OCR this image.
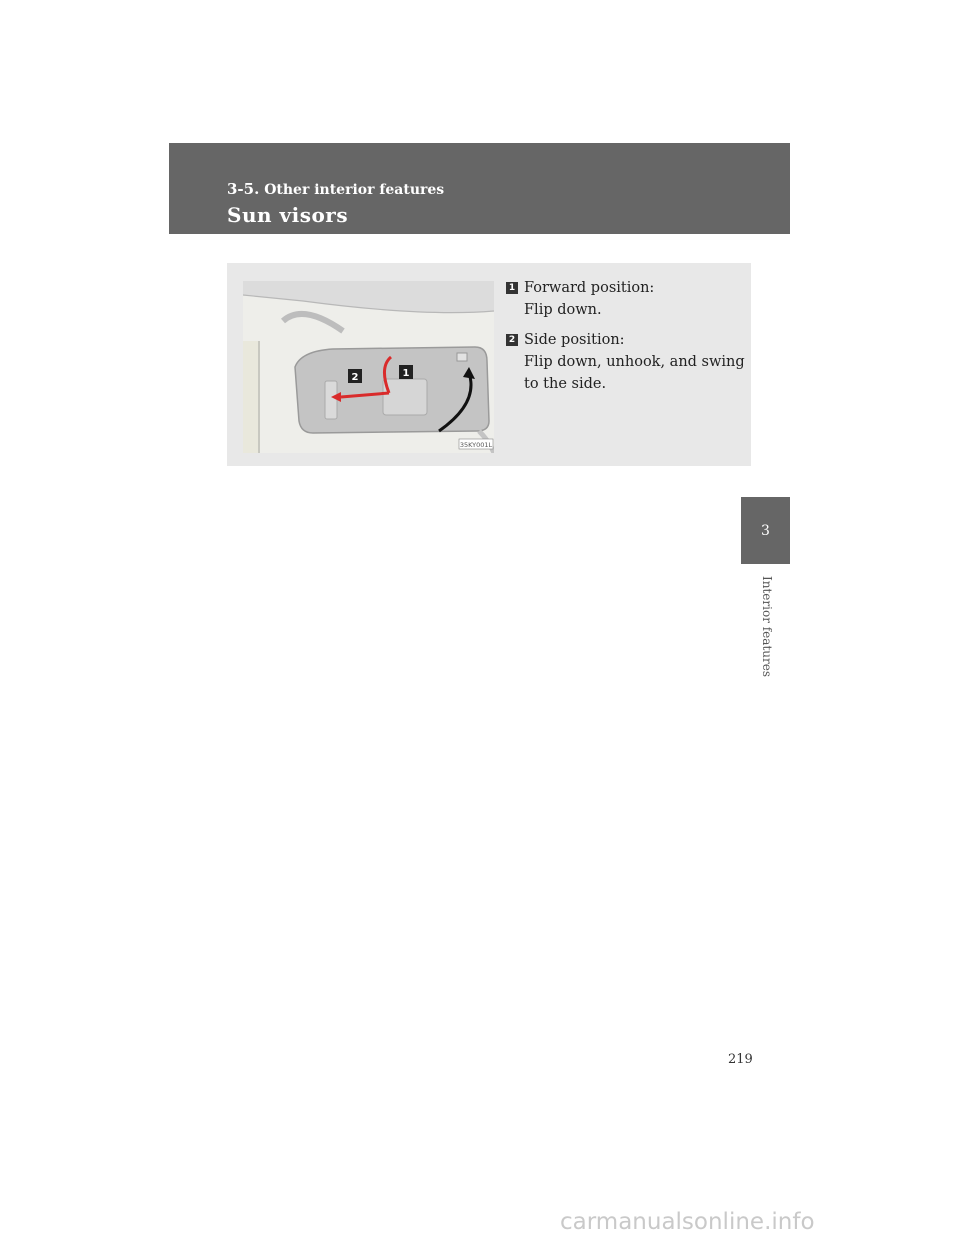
3-5. Other interior features
Sun visors
2	1
35KY001L
1 Forward position:
Flip down.
2 Side position:
Flip down, unhook, and swing
to the side.
3
Interior features
219
carmanualsonline.info
